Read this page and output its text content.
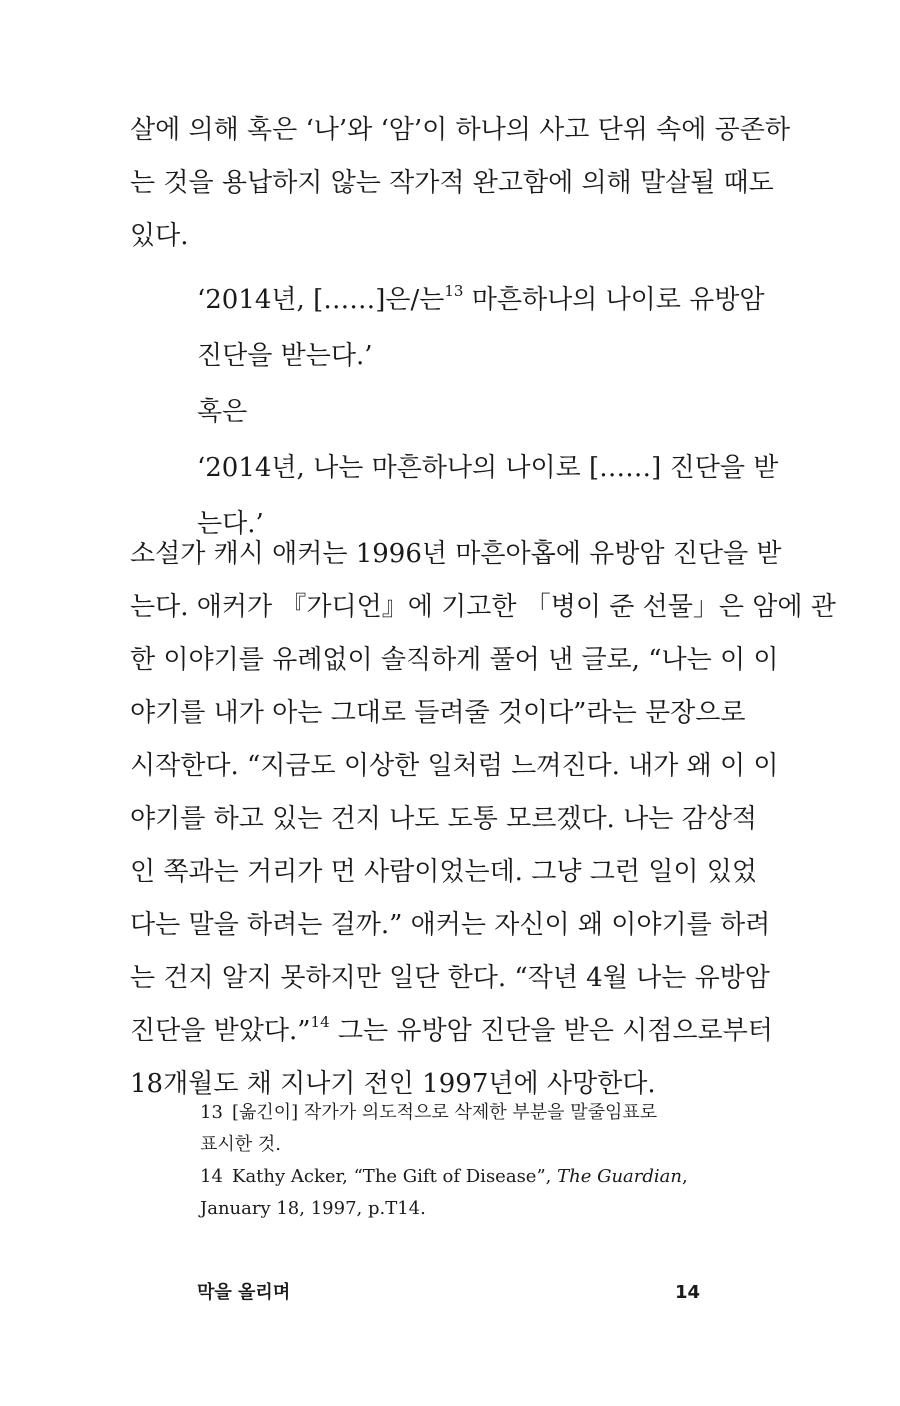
살에 의해 혹은 ‘나’와 ‘암’이 하나의 사고 단위 속에 공존하
는 것을 용납하지 않는 작가적 완고함에 의해 말살될 때도
있다.
‘2014년, [……]은/는$^{13}$ 마흔하나의 나이로 유방암
진단을 받는다.’
혹은
‘2014년, 나는 마흔하나의 나이로 [……] 진단을 받
는다.’
소설가 캐시 애커는 1996년 마흔아홉에 유방암 진단을 받
는다. 애커가 『가디언』에 기고한 「병이 준 선물」은 암에 관
한 이야기를 유례없이 솔직하게 풀어 낸 글로, “나는 이 이
야기를 내가 아는 그대로 들려줄 것이다”라는 문장으로
시작한다. “지금도 이상한 일처럼 느껴진다. 내가 왜 이 이
야기를 하고 있는 건지 나도 도통 모르겠다. 나는 감상적
인 쪽과는 거리가 먼 사람이었는데. 그냥 그런 일이 있었
다는 말을 하려는 걸까.” 애커는 자신이 왜 이야기를 하려
는 건지 알지 못하지만 일단 한다. “작년 4월 나는 유방암
진단을 받았다.”$^{14}$ 그는 유방암 진단을 받은 시점으로부터
18개월도 채 지나기 전인 1997년에 사망한다.
13 [옮긴이] 작가가 의도적으로 삭제한 부분을 말줄임표로
표시한 것.
14 Kathy Acker, “The Gift of Disease”, The Guardian,
January 18, 1997, p.T14.
막을 올리며	14
